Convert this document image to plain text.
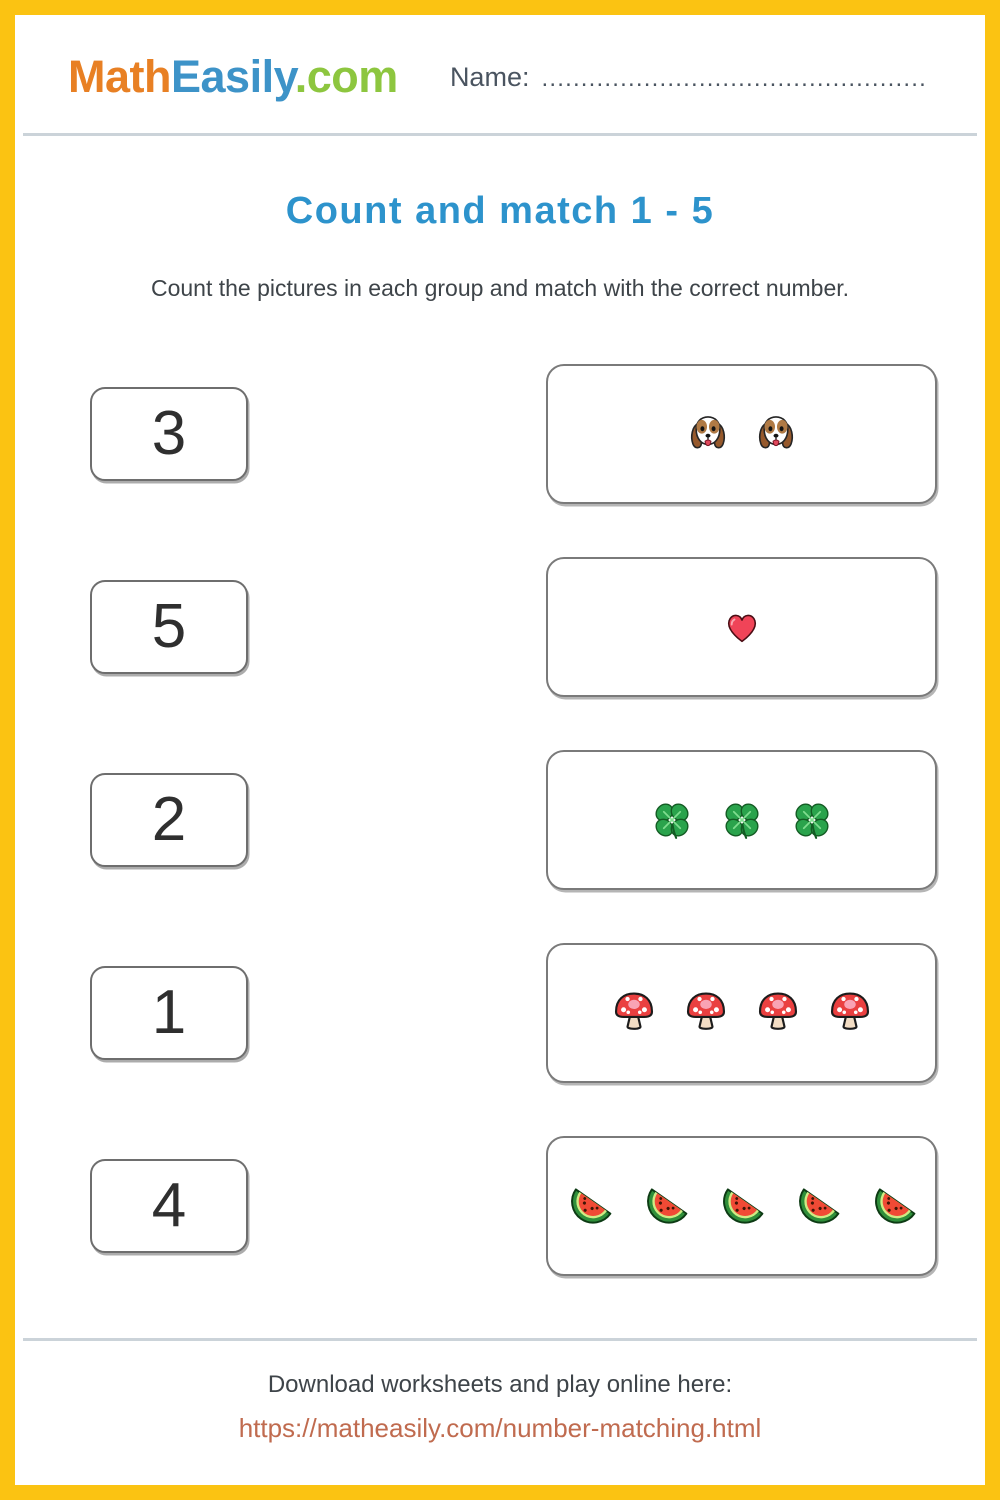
MathEasily.com Name: .................................................
Count and match 1 - 5

Count the pictures in each group and match with the correct number.

3
5
2
1
4
Download worksheets and play online here:
https://matheasily.com/number-matching.html
